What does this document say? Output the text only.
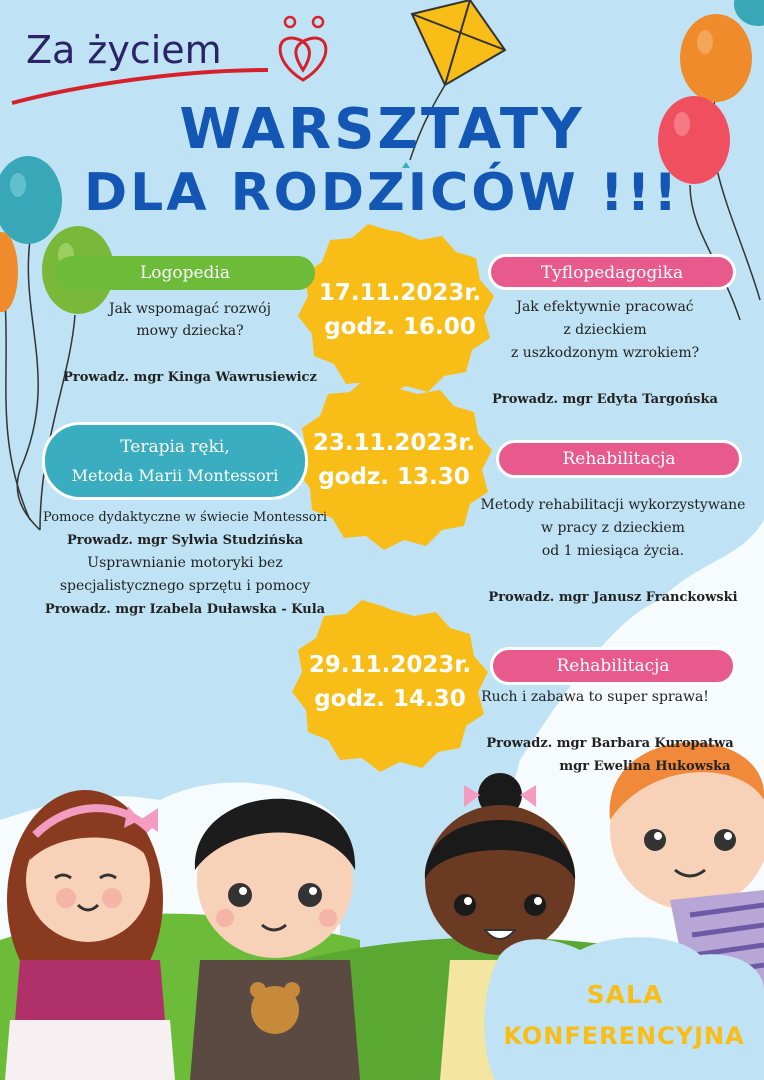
Za życiem
WARSZTATY
DLA RODZICÓW !!!
Logopedia
Jak wspomagać rozwój
mowy dziecka?
Prowadz. mgr Kinga Wawrusiewicz
17.11.2023r.
godz. 16.00
Tyflopedagogika
Jak efektywnie pracować
z dzieckiem
z uszkodzonym wzrokiem?
Prowadz. mgr Edyta Targońska
Terapia ręki,
Metoda Marii Montessori
Pomoce dydaktyczne w świecie Montessori
Prowadz. mgr Sylwia Studzińska
Usprawnianie motoryki bez
specjalistycznego sprzętu i pomocy
Prowadz. mgr Izabela Duławska - Kula
23.11.2023r.
godz. 13.30
Rehabilitacja
Metody rehabilitacji wykorzystywane
w pracy z dzieckiem
od 1 miesiąca życia.
Prowadz. mgr Janusz Franckowski
29.11.2023r.
godz. 14.30
Rehabilitacja
Ruch i zabawa to super sprawa!
Prowadz. mgr Barbara Kuropatwa
mgr Ewelina Hukowska
SALA
KONFERENCYJNA
